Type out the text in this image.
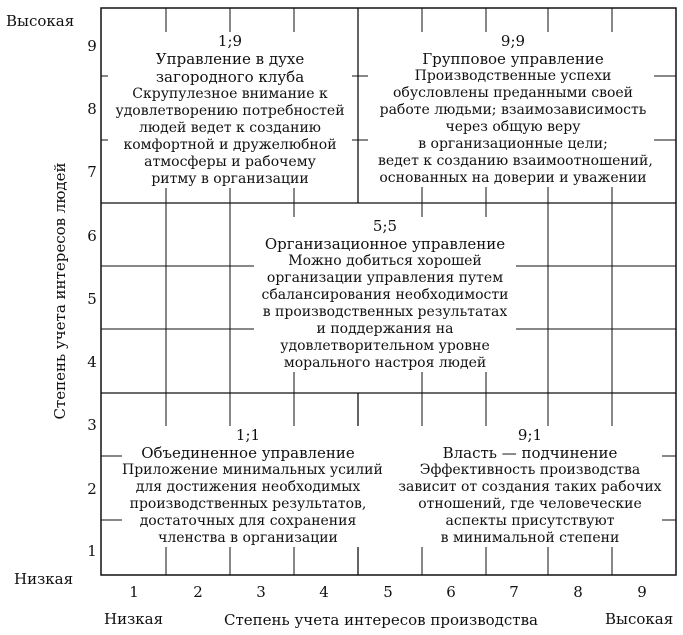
Высокая
Низкая
Низкая	Высокая
Степень учета интересов производства
Степень учета интересов людей
9
8
7
6
5
4
3
2
1
1	2	3	4	5	6	7	8	9
1;9
Управление в духе загородного клуба
Скрупулезное внимание к
удовлетворению потребностей
людей ведет к созданию
комфортной и дружелюбной
атмосферы и рабочему
ритму в организации
9;9
Групповое управление
Производственные успехи
обусловлены преданными своей
работе людьми; взаимозависимость
через общую веру
в организационные цели;
ведет к созданию взаимоотношений,
основанных на доверии и уважении
5;5
Организационное управление
Можно добиться хорошей
организации управления путем
сбалансирования необходимости
в производственных результатах
и поддержания на
удовлетворительном уровне
морального настроя людей
1;1
Объединенное управление
Приложение минимальных усилий
для достижения необходимых
производственных результатов,
достаточных для сохранения
членства в организации
9;1
Власть — подчинение
Эффективность производства
зависит от создания таких рабочих
отношений, где человеческие
аспекты присутствуют
в минимальной степени
